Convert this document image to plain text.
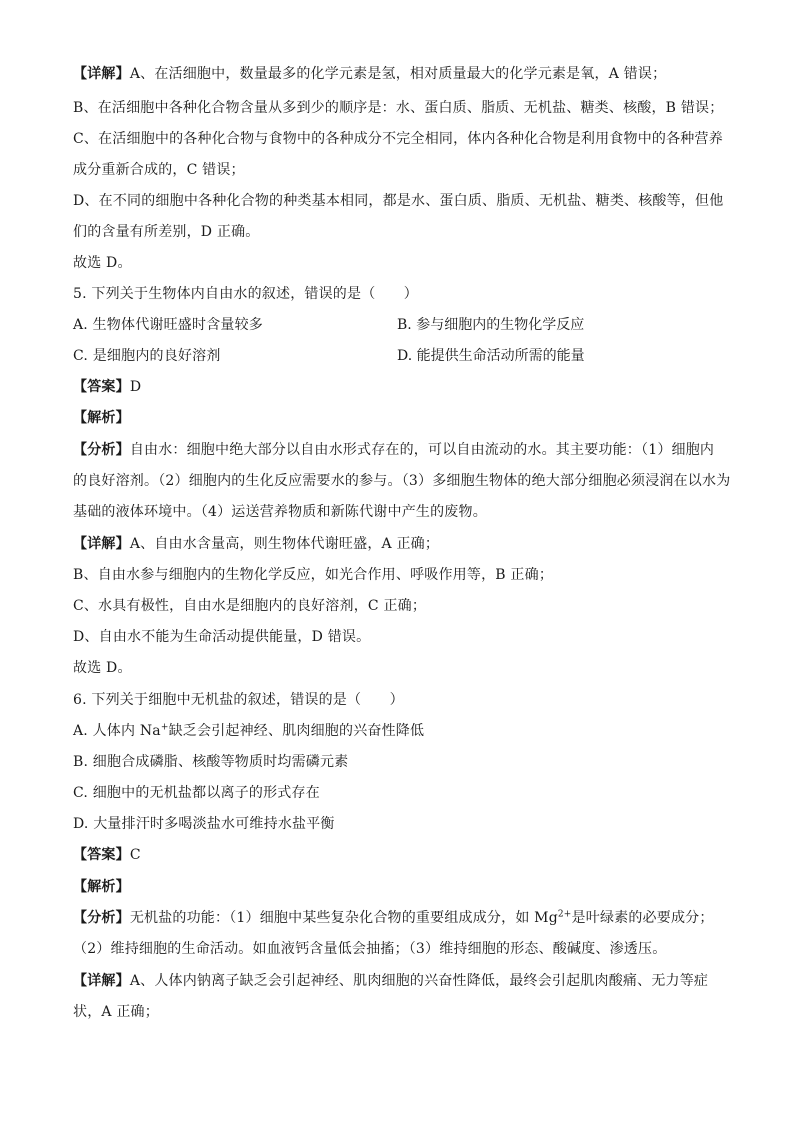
【详解】A、在活细胞中，数量最多的化学元素是氢，相对质量最大的化学元素是氧，A 错误；
B、在活细胞中各种化合物含量从多到少的顺序是：水、蛋白质、脂质、无机盐、糖类、核酸，B 错误；
C、在活细胞中的各种化合物与食物中的各种成分不完全相同，体内各种化合物是利用食物中的各种营养
成分重新合成的，C 错误；
D、在不同的细胞中各种化合物的种类基本相同，都是水、蛋白质、脂质、无机盐、糖类、核酸等，但他
们的含量有所差别，D 正确。
故选 D。
5. 下列关于生物体内自由水的叙述，错误的是（　　）
A. 生物体代谢旺盛时含量较多	B. 参与细胞内的生物化学反应
C. 是细胞内的良好溶剂	D. 能提供生命活动所需的能量
【答案】D
【解析】
【分析】自由水：细胞中绝大部分以自由水形式存在的，可以自由流动的水。其主要功能：（1）细胞内
的良好溶剂。（2）细胞内的生化反应需要水的参与。（3）多细胞生物体的绝大部分细胞必须浸润在以水为
基础的液体环境中。（4）运送营养物质和新陈代谢中产生的废物。
【详解】A、自由水含量高，则生物体代谢旺盛，A 正确；
B、自由水参与细胞内的生物化学反应，如光合作用、呼吸作用等，B 正确；
C、水具有极性，自由水是细胞内的良好溶剂，C 正确；
D、自由水不能为生命活动提供能量，D 错误。
故选 D。
6. 下列关于细胞中无机盐的叙述，错误的是（　　）
A. 人体内 Na+缺乏会引起神经、肌肉细胞的兴奋性降低
B. 细胞合成磷脂、核酸等物质时均需磷元素
C. 细胞中的无机盐都以离子的形式存在
D. 大量排汗时多喝淡盐水可维持水盐平衡
【答案】C
【解析】
【分析】无机盐的功能：（1）细胞中某些复杂化合物的重要组成成分，如 $Mg^{2+}$是叶绿素的必要成分；
（2）维持细胞的生命活动。如血液钙含量低会抽搐；（3）维持细胞的形态、酸碱度、渗透压。
【详解】A、人体内钠离子缺乏会引起神经、肌肉细胞的兴奋性降低，最终会引起肌肉酸痛、无力等症
状，A 正确；
